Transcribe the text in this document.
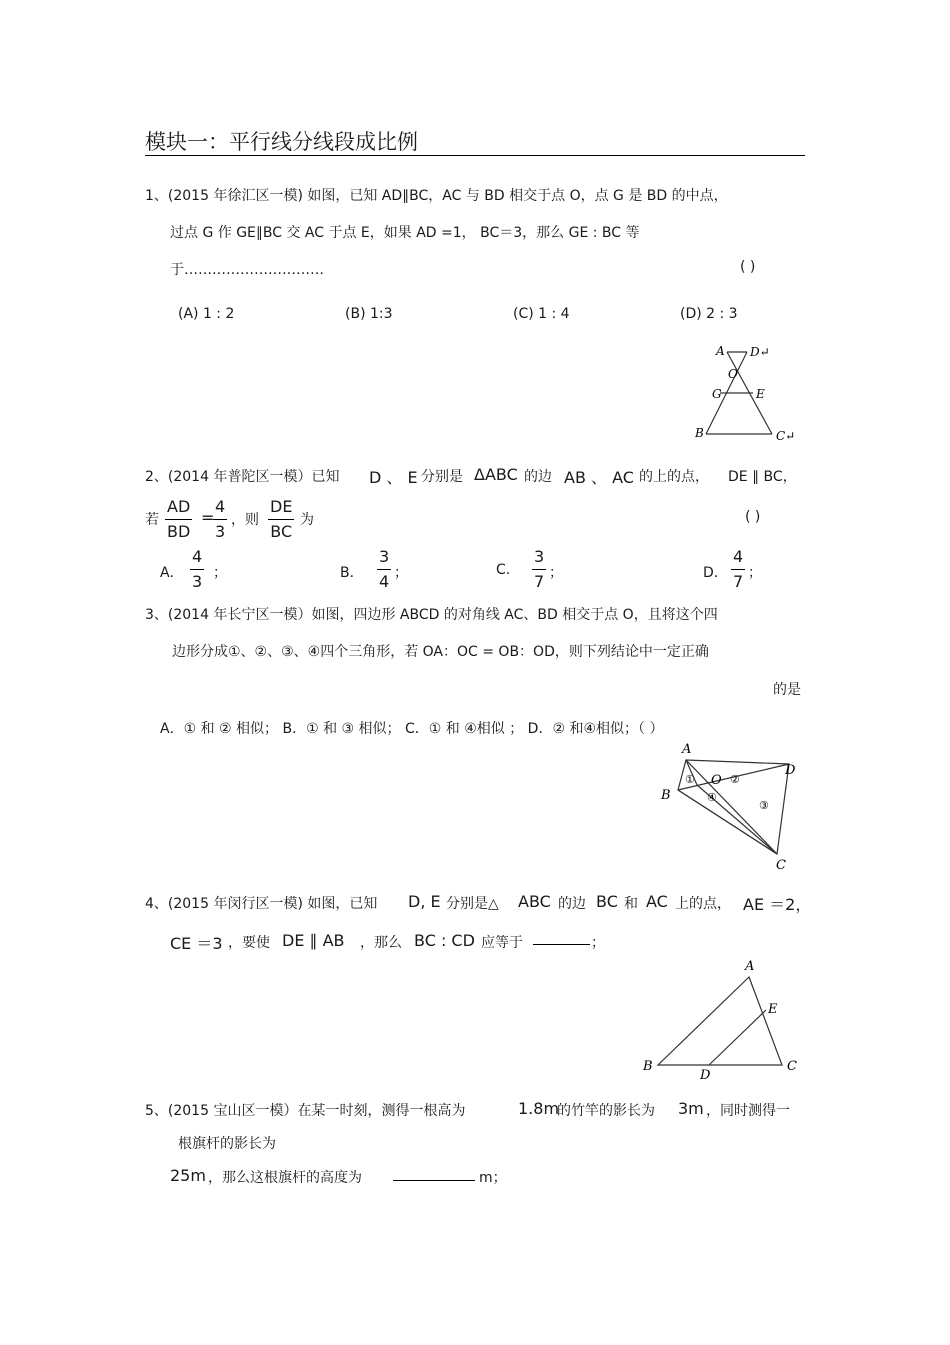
模块一：平行线分线段成比例
1、(2015 年徐汇区一模) 如图，已知 AD∥BC，AC 与 BD 相交于点 O，点 G 是 BD 的中点，
过点 G 作 GE∥BC 交 AC 于点 E，如果 AD =1， BC＝3，那么 GE : BC 等
于…………………………	( )
(A) 1 : 2	(B) 1:3	(C) 1 : 4	(D) 2 : 3
A D↵
O
G	E
B	C↵
2、(2014 年普陀区一模）已知 D 、 E 分别是 ΔABC 的边 AB 、 AC 的上的点， DE ∥ BC，
若 $\frac{AD}{BD}$ =
$\frac{4}{3}$ ，则 $\frac{DE}{BC}$ 为	( )
A． $\frac{4}{3}$ ；	B． $\frac{3}{4}$ ；	C. $\frac{3}{7}$ ；	D． $\frac{4}{7}$ ；
3、(2014 年长宁区一模）如图，四边形 ABCD 的对角线 AC、BD 相交于点 O，且将这个四
边形分成①、②、③、④四个三角形，若 OA：OC = OB：OD，则下列结论中一定正确
的是
A．① 和 ② 相似； B．① 和 ③ 相似； C．① 和 ④相似 ； D．② 和④相似；（ ）
A
D
B
C
O
①	②
③
④
4、(2015 年闵行区一模) 如图，已知 D, E 分别是△ ABC 的边 BC 和 AC 上的点， AE ＝2，
CE ＝3 ，要使 DE ∥ AB ，那么 BC : CD 应等于	；
A
B	C
D
E
5、(2015 宝山区一模）在某一时刻，测得一根高为	1.8m
的竹竿的影长为 3m ，同时测得一
根旗杆的影长为
25m ，那么这根旗杆的高度为	m；
